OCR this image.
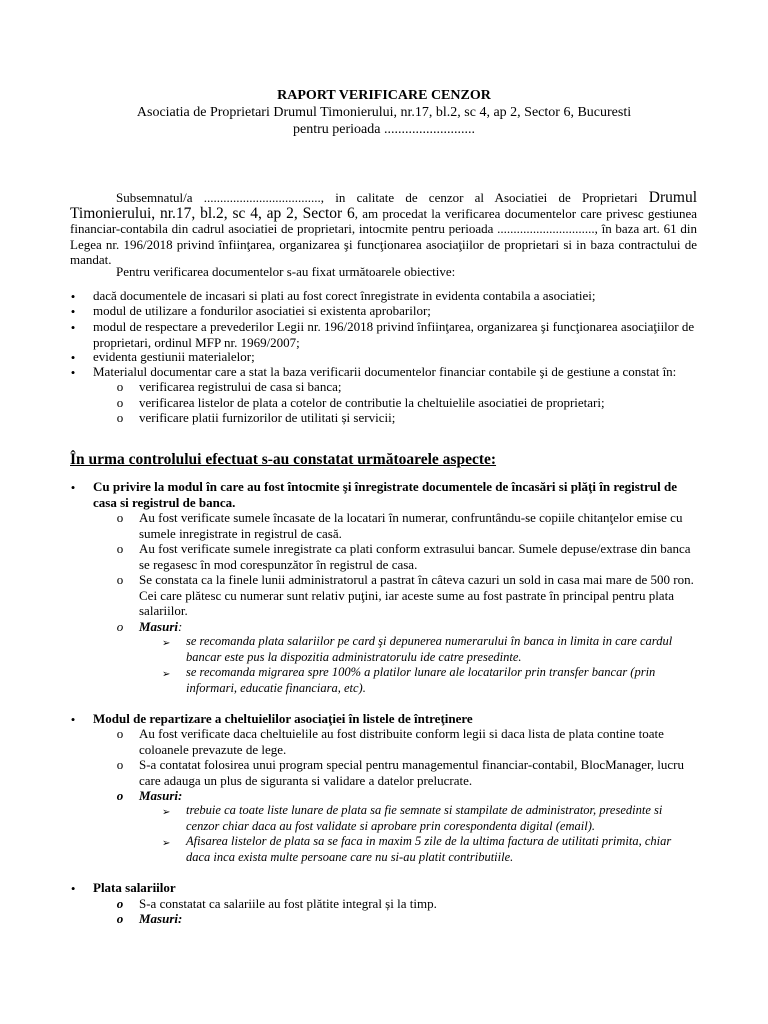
RAPORT VERIFICARE CENZOR
Asociatia de Proprietari Drumul Timonierului, nr.17, bl.2, sc 4, ap 2, Sector 6, Bucuresti
pentru perioada ..........................
Subsemnatul/a ...................................., in calitate de cenzor al Asociatiei de Proprietari Drumul Timonierului, nr.17, bl.2, sc 4, ap 2, Sector 6, am procedat la verificarea documentelor care privesc gestiunea financiar-contabila din cadrul asociatiei de proprietari, intocmite pentru perioada .............................., în baza art. 61 din Legea nr. 196/2018 privind înfiinţarea, organizarea şi funcţionarea asociaţiilor de proprietari si in baza contractului de mandat.
Pentru verificarea documentelor s-au fixat următoarele obiective:
• dacă documentele de incasari si plati au fost corect înregistrate in evidenta contabila a asociatiei;
• modul de utilizare a fondurilor asociatiei si existenta aprobarilor;
• modul de respectare a prevederilor Legii nr. 196/2018 privind înfiinţarea, organizarea şi funcţionarea asociaţiilor de proprietari, ordinul MFP nr. 1969/2007;
• evidenta gestiunii materialelor;
• Materialul documentar care a stat la baza verificarii documentelor financiar contabile şi de gestiune a constat în:
o verificarea registrului de casa si banca;
o verificarea listelor de plata a cotelor de contributie la cheltuielile asociatiei de proprietari;
o verificare platii furnizorilor de utilitati și servicii;
În urma controlului efectuat s-au constatat următoarele aspecte:
• Cu privire la modul în care au fost întocmite şi înregistrate documentele de încasări si plăţi în registrul de casa si registrul de banca.
o Au fost verificate sumele încasate de la locatari în numerar, confruntându-se copiile chitanţelor emise cu sumele inregistrate in registrul de casă.
o Au fost verificate sumele inregistrate ca plati conform extrasului bancar. Sumele depuse/extrase din banca se regasesc în mod corespunzător în registrul de casa.
o Se constata ca la finele lunii administratorul a pastrat în câteva cazuri un sold in casa mai mare de 500 ron. Cei care plătesc cu numerar sunt relativ puţini, iar aceste sume au fost pastrate în principal pentru plata salariilor.
o Masuri:
➢ se recomanda plata salariilor pe card şi depunerea numerarului în banca in limita in care cardul bancar este pus la dispozitia administratorulu ide catre presedinte.
➢ se recomanda migrarea spre 100% a platilor lunare ale locatarilor prin transfer bancar (prin informari, educatie financiara, etc).
• Modul de repartizare a cheltuielilor asociaţiei în listele de întreţinere
o Au fost verificate daca cheltuielile au fost distribuite conform legii si daca lista de plata contine toate coloanele prevazute de lege.
o S-a contatat folosirea unui program special pentru managementul financiar-contabil, BlocManager, lucru care adauga un plus de siguranta si validare a datelor prelucrate.
o Masuri:
➢ trebuie ca toate liste lunare de plata sa fie semnate si stampilate de administrator, presedinte si cenzor chiar daca au fost validate si aprobare prin corespondenta digital (email).
➢ Afisarea listelor de plata sa se faca in maxim 5 zile de la ultima factura de utilitati primita, chiar daca inca exista multe persoane care nu si-au platit contributiile.
• Plata salariilor
o S-a constatat ca salariile au fost plătite integral și la timp.
o Masuri:
